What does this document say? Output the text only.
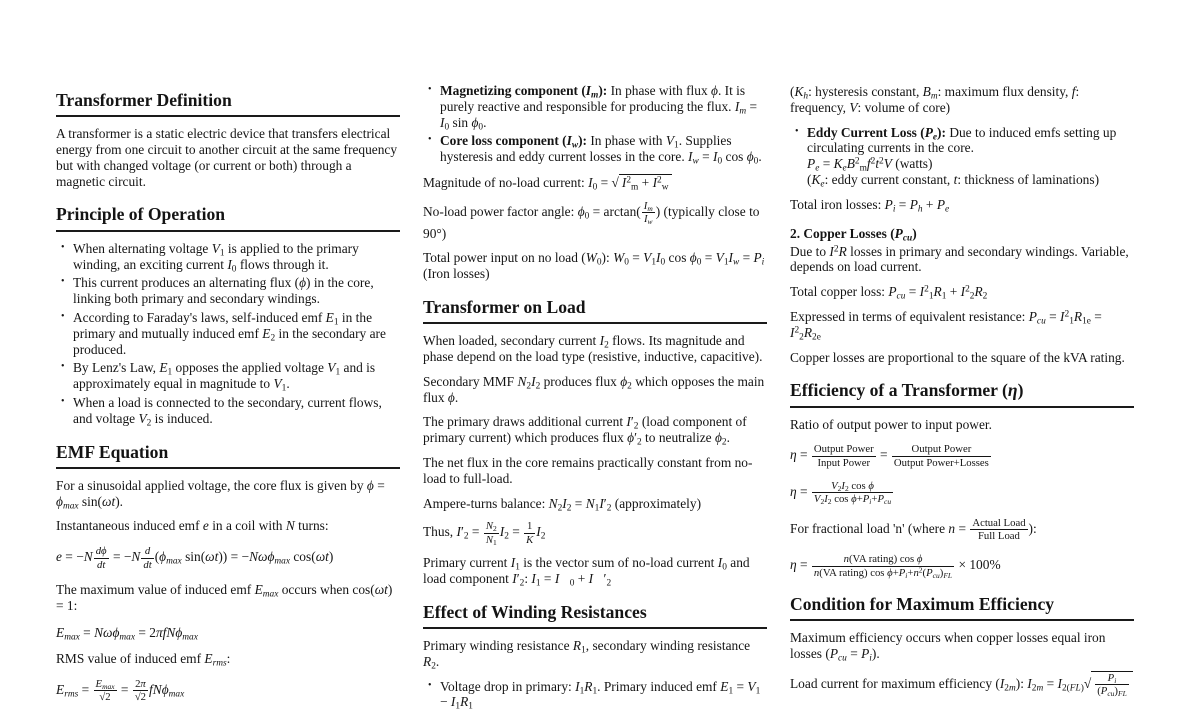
Transformer Definition

A transformer is a static electric device that transfers electrical energy from one circuit to another circuit at the same frequency but with changed voltage (or current or both) through a magnetic circuit.

Principle of Operation
• When alternating voltage $V_1$ is applied to the primary winding, an exciting current $I_0$ flows through it.
• This current produces an alternating flux (ϕ) in the core, linking both primary and secondary windings.
• According to Faraday's laws, self-induced emf $E_1$ in the primary and mutually induced emf $E_2$ in the secondary are produced.
• By Lenz's Law, $E_1$ opposes the applied voltage $V_1$ and is approximately equal in magnitude to $V_1$.
• When a load is connected to the secondary, current flows, and voltage $V_2$ is induced.
EMF Equation

For a sinusoidal applied voltage, the core flux is given by $\phi = \phi_{max}$ sin(ωt).

Instantaneous induced emf e in a coil with N turns:

$e = -N \frac{d\phi}{dt} = -N \frac{d}{dt} (\phi_{max}$ sin(ωt)) = −Nωϕ$_{max}$ cos(ωt)

The maximum value of induced emf $E_{max}$ occurs when cos(ωt) = 1:

$E_{max} = N\omega\phi_{max} = 2\pi fN\phi_{max}$

RMS value of induced emf $E_{rms}$:

$E_{rms} = \frac{E_{max}}{√2} = \frac{2\pi}{√2} fN\phi_{max}$

• Magnetizing component $(I_m)$: In phase with flux ϕ. It is purely reactive and responsible for producing the flux. $I_m = I_0$ $\sin \phi_0$.
• Core loss component $(I_w)$: In phase with $V_1$. Supplies hysteresis and eddy current losses in the core. $I_w = I_0$ $\cos \phi_0$.

Magnitude of no-load current: $I_0$ = √ $I^2_m + I^2_w$

No-load power factor angle: $\phi_0 = \arctan( \frac{I_m}{I_w}$ ) (typically close to 90°)

Total power input on no load $(W_0)$: $W_0 = V_1I_0$ $\cos \phi_0 = V_1I_w = P_i$ (Iron losses)

Transformer on Load

When loaded, secondary current $I_2$ flows. Its magnitude and phase depend on the load type (resistive, inductive, capacitive).

Secondary MMF $N_2I_2$ produces flux $\phi_2$ which opposes the main flux ϕ.

The primary draws additional current $I'_2$ (load component of primary current) which produces flux $\phi'_2$ to neutralize $\phi_2$.

The net flux in the core remains practically constant from no-load to full-load.

Ampere-turns balance: $N_2I_2 = N_1I'_2$ (approximately)

Thus, $I'_2 = \frac{N_2}{N_1} I_2 = \frac{1}{K} I_2$

Primary current $I_1$ is the vector sum of no-load current $I_0$ and load component $I'_2$: $I_1$ = $I⃗_0$ + $I⃗'_2$

Effect of Winding Resistances

Primary winding resistance $R_1$, secondary winding resistance $R_2$.

• Voltage drop in primary: $I_1R_1$. Primary induced emf $E_1 = V_1 - I_1R_1$

($K_h$: hysteresis constant, $B_m$: maximum flux density, f: frequency, V: volume of core)

• Eddy Current Loss $(P_e)$: Due to induced emfs setting up circulating currents in the core.
$P_e = K_eB^2_mf^2t^2V$ (watts)
($K_e$: eddy current constant, t: thickness of laminations)

Total iron losses: $P_i = P_h + P_e$

2. Copper Losses $(P_{cu})$

Due to $I^2R$ losses in primary and secondary windings. Variable, depends on load current.

Total copper loss: $P_{cu} = I^2_1R_1 + I^2_2R_2$

Expressed in terms of equivalent resistance: $P_{cu} = I^2_1R_{1e} = I^2_2R_{2e}$

Copper losses are proportional to the square of the kVA rating.

Efficiency of a Transformer (η)

Ratio of output power to input power.

$\eta = \frac{\text{Output Power}}{\text{Input Power}} = \frac{\text{Output Power}}{\text{Output Power+Losses}}$

$\eta = \frac{V_2I_2 \cos \phi}{V_2I_2 \cos \phi+P_i+P_{cu}}$

For fractional load 'n' (where $n = \frac{\text{Actual Load}}{\text{Full Load}}$ ):

$\eta = \frac{\text{n(VA rating) cos ϕ}}{n(VA rating) \cos \phi+P_i+n^2(P_{cu})_{FL}} \times 100\%$

Condition for Maximum Efficiency

Maximum efficiency occurs when copper losses equal iron losses $(P_{cu} = P_i)$.

Load current for maximum efficiency $(I_{2m})$: $I_{2m} = I_{2(FL)}√ \frac{P_i}{(P_{cu})_{FL}}$
